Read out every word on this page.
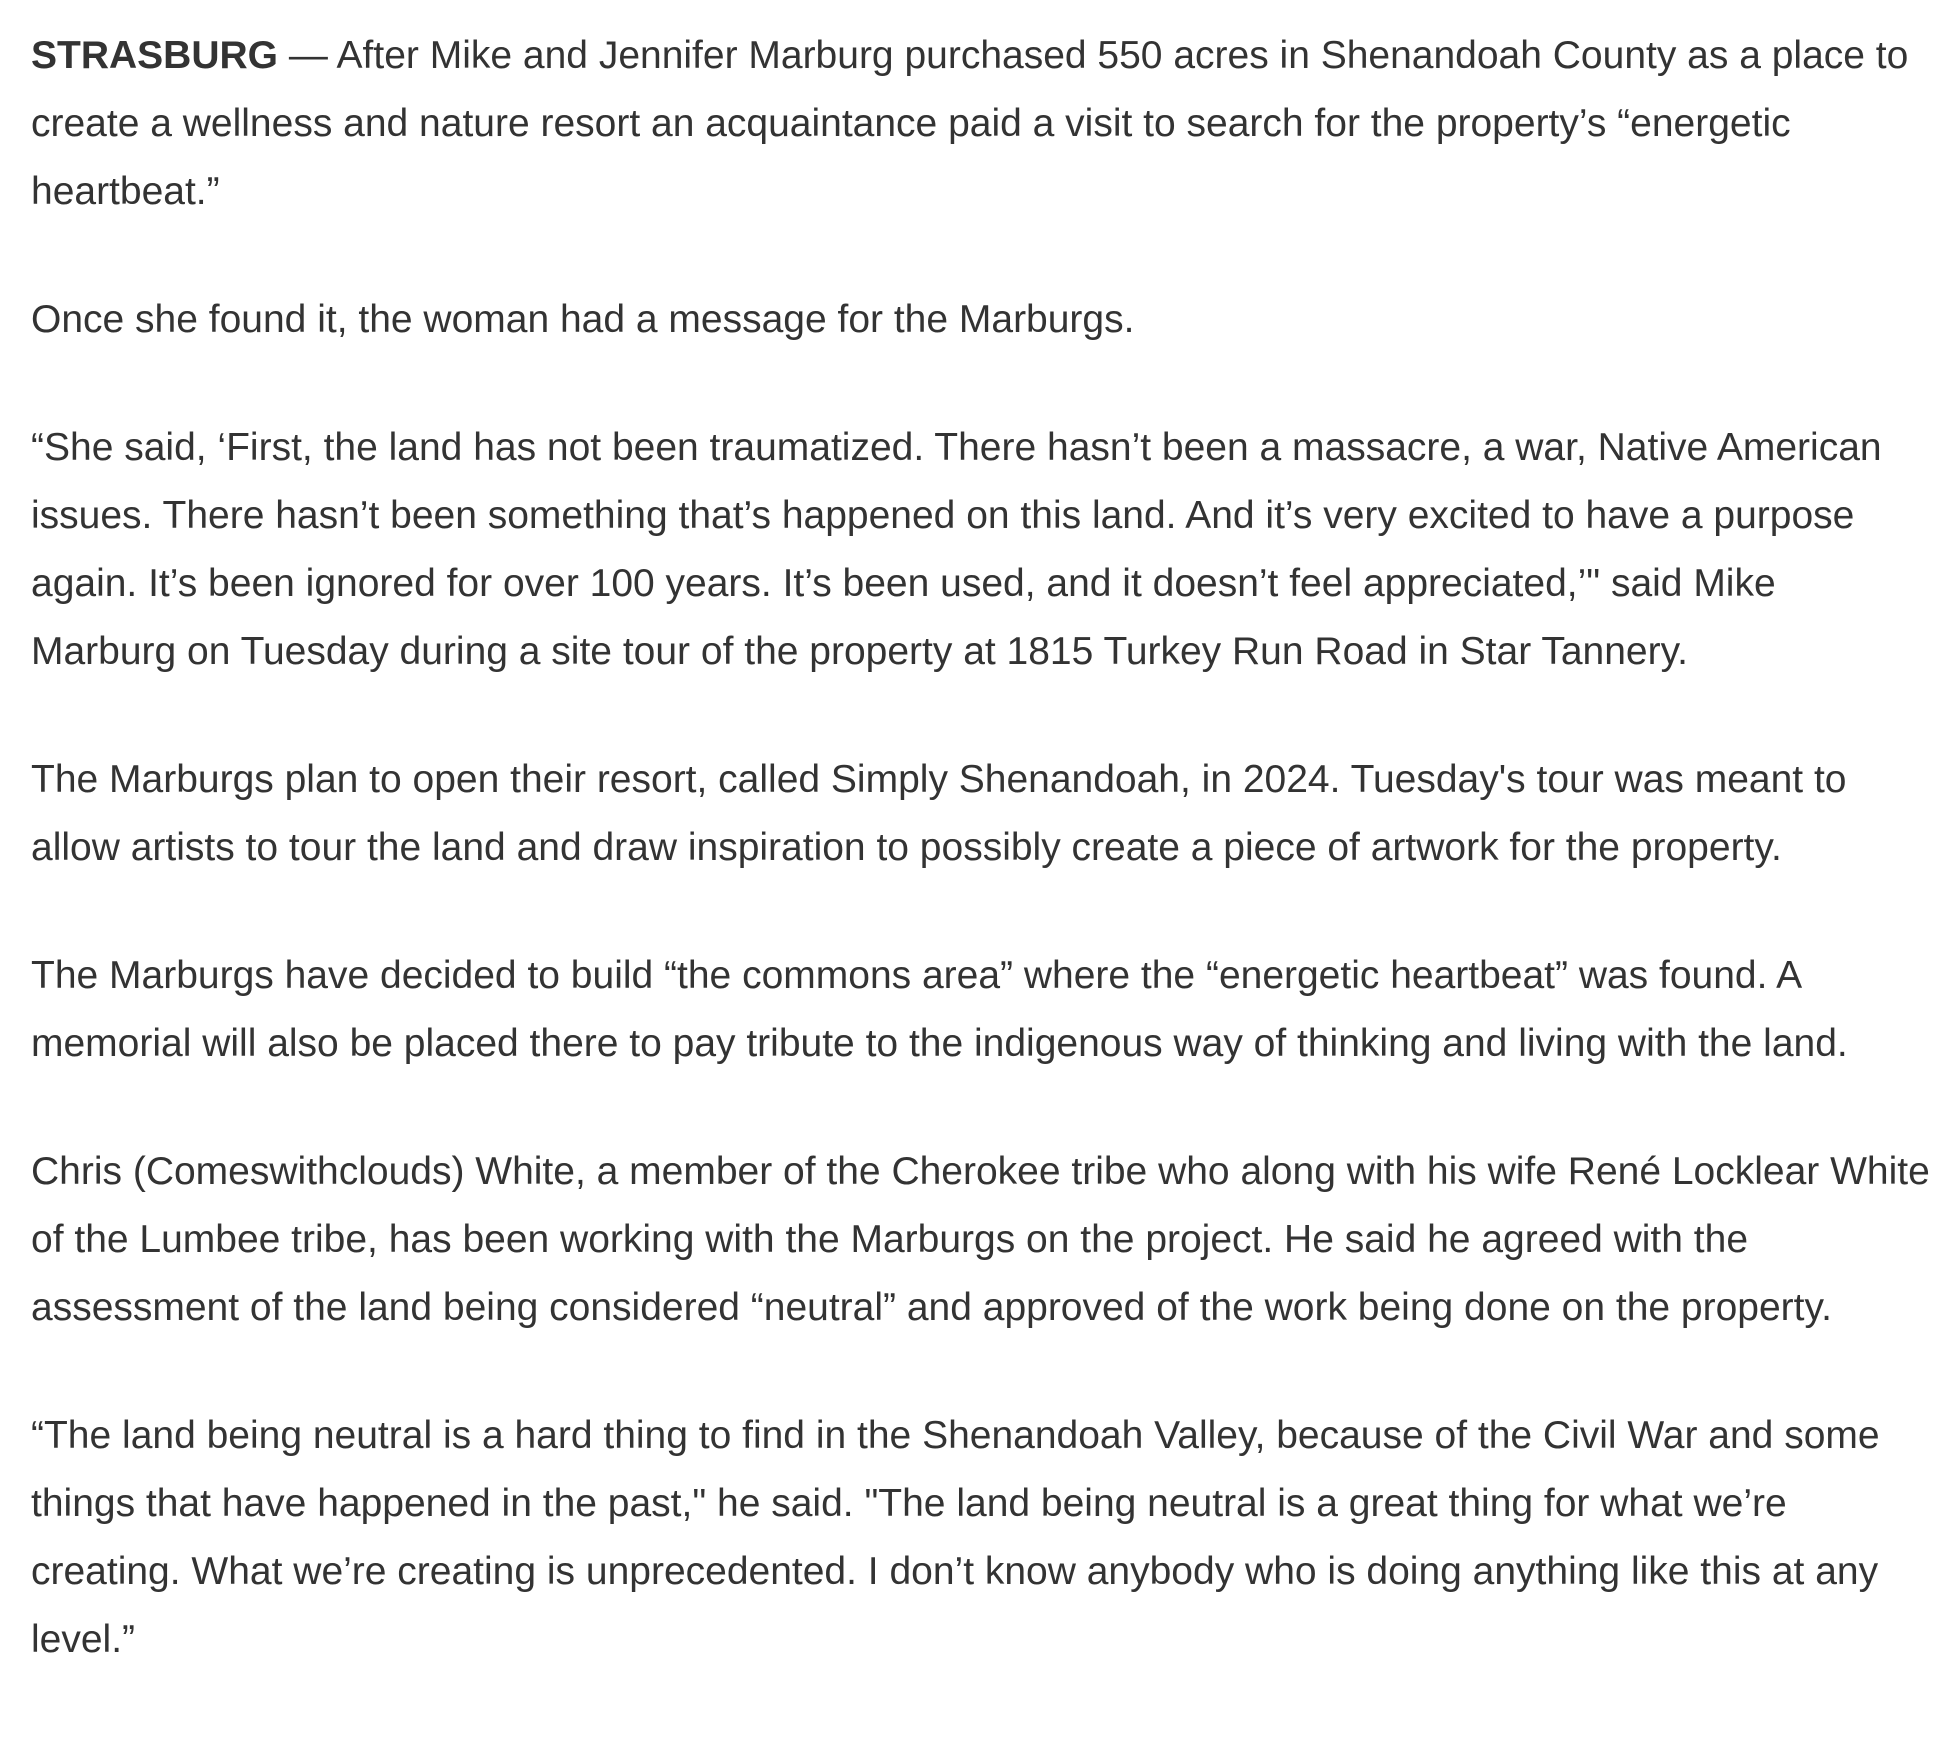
STRASBURG — After Mike and Jennifer Marburg purchased 550 acres in Shenandoah County as a place to create a wellness and nature resort an acquaintance paid a visit to search for the property’s “energetic heartbeat.”

Once she found it, the woman had a message for the Marburgs.

“She said, ‘First, the land has not been traumatized. There hasn’t been a massacre, a war, Native American issues. There hasn’t been something that’s happened on this land. And it’s very excited to have a purpose again. It’s been ignored for over 100 years. It’s been used, and it doesn’t feel appreciated,’" said Mike Marburg on Tuesday during a site tour of the property at 1815 Turkey Run Road in Star Tannery.

The Marburgs plan to open their resort, called Simply Shenandoah, in 2024. Tuesday's tour was meant to allow artists to tour the land and draw inspiration to possibly create a piece of artwork for the property.

The Marburgs have decided to build “the commons area” where the “energetic heartbeat” was found. A memorial will also be placed there to pay tribute to the indigenous way of thinking and living with the land.

Chris (Comeswithclouds) White, a member of the Cherokee tribe who along with his wife René Locklear White of the Lumbee tribe, has been working with the Marburgs on the project. He said he agreed with the assessment of the land being considered “neutral” and approved of the work being done on the property.

“The land being neutral is a hard thing to find in the Shenandoah Valley, because of the Civil War and some things that have happened in the past," he said. "The land being neutral is a great thing for what we’re creating. What we’re creating is unprecedented. I don’t know anybody who is doing anything like this at any level.”
